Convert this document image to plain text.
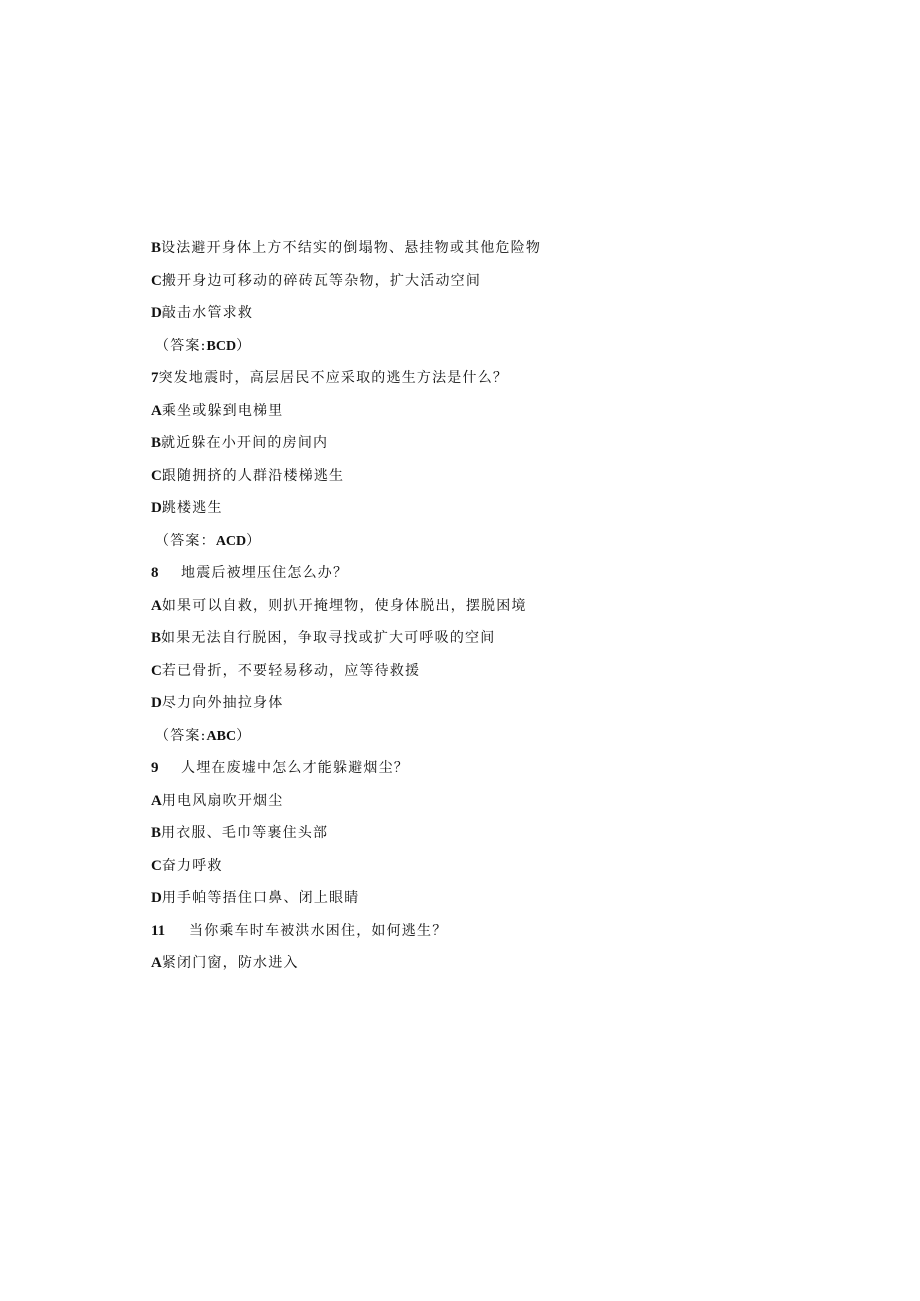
B设法避开身体上方不结实的倒塌物、悬挂物或其他危险物
C搬开身边可移动的碎砖瓦等杂物，扩大活动空间
D敲击水管求救
（答案:BCD）
7突发地震时，高层居民不应采取的逃生方法是什么？
A乘坐或躲到电梯里
B就近躲在小开间的房间内
C跟随拥挤的人群沿楼梯逃生
D跳楼逃生
（答案：ACD）
8 地震后被埋压住怎么办？
A如果可以自救，则扒开掩埋物，使身体脱出，摆脱困境
B如果无法自行脱困，争取寻找或扩大可呼吸的空间
C若已骨折，不要轻易移动，应等待救援
D尽力向外抽拉身体
（答案:ABC）
9 人埋在废墟中怎么才能躲避烟尘？
A用电风扇吹开烟尘
B用衣服、毛巾等裹住头部
C奋力呼救
D用手帕等捂住口鼻、闭上眼睛
11 当你乘车时车被洪水困住，如何逃生？
A紧闭门窗，防水进入
